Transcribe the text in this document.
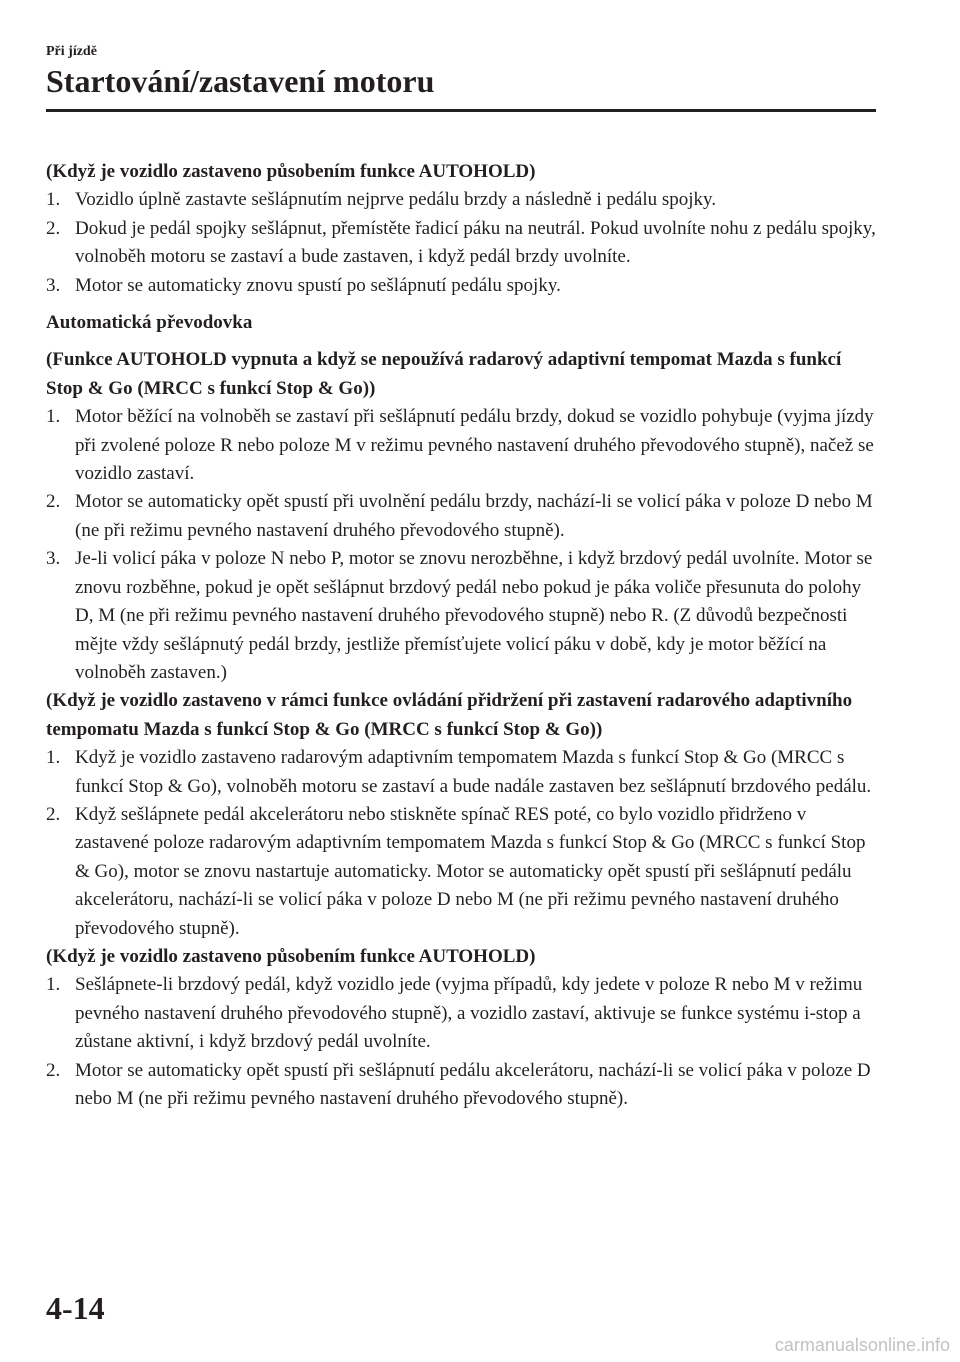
Při jízdě
Startování/zastavení motoru
(Když je vozidlo zastaveno působením funkce AUTOHOLD)
1. Vozidlo úplně zastavte sešlápnutím nejprve pedálu brzdy a následně i pedálu spojky.
2. Dokud je pedál spojky sešlápnut, přemístěte řadicí páku na neutrál. Pokud uvolníte nohu z pedálu spojky, volnoběh motoru se zastaví a bude zastaven, i když pedál brzdy uvolníte.
3. Motor se automaticky znovu spustí po sešlápnutí pedálu spojky.
Automatická převodovka
(Funkce AUTOHOLD vypnuta a když se nepoužívá radarový adaptivní tempomat Mazda s funkcí Stop & Go (MRCC s funkcí Stop & Go))
1. Motor běžící na volnoběh se zastaví při sešlápnutí pedálu brzdy, dokud se vozidlo pohybuje (vyjma jízdy při zvolené poloze R nebo poloze M v režimu pevného nastavení druhého převodového stupně), načež se vozidlo zastaví.
2. Motor se automaticky opět spustí při uvolnění pedálu brzdy, nachází-li se volicí páka v poloze D nebo M (ne při režimu pevného nastavení druhého převodového stupně).
3. Je-li volicí páka v poloze N nebo P, motor se znovu nerozběhne, i když brzdový pedál uvolníte. Motor se znovu rozběhne, pokud je opět sešlápnut brzdový pedál nebo pokud je páka voliče přesunuta do polohy D, M (ne při režimu pevného nastavení druhého převodového stupně) nebo R. (Z důvodů bezpečnosti mějte vždy sešlápnutý pedál brzdy, jestliže přemísťujete volicí páku v době, kdy je motor běžící na volnoběh zastaven.)
(Když je vozidlo zastaveno v rámci funkce ovládání přidržení při zastavení radarového adaptivního tempomatu Mazda s funkcí Stop & Go (MRCC s funkcí Stop & Go))
1. Když je vozidlo zastaveno radarovým adaptivním tempomatem Mazda s funkcí Stop & Go (MRCC s funkcí Stop & Go), volnoběh motoru se zastaví a bude nadále zastaven bez sešlápnutí brzdového pedálu.
2. Když sešlápnete pedál akcelerátoru nebo stiskněte spínač RES poté, co bylo vozidlo přidrženo v zastavené poloze radarovým adaptivním tempomatem Mazda s funkcí Stop & Go (MRCC s funkcí Stop & Go), motor se znovu nastartuje automaticky. Motor se automaticky opět spustí při sešlápnutí pedálu akcelerátoru, nachází-li se volicí páka v poloze D nebo M (ne při režimu pevného nastavení druhého převodového stupně).
(Když je vozidlo zastaveno působením funkce AUTOHOLD)
1. Sešlápnete-li brzdový pedál, když vozidlo jede (vyjma případů, kdy jedete v poloze R nebo M v režimu pevného nastavení druhého převodového stupně), a vozidlo zastaví, aktivuje se funkce systému i-stop a zůstane aktivní, i když brzdový pedál uvolníte.
2. Motor se automaticky opět spustí při sešlápnutí pedálu akcelerátoru, nachází-li se volicí páka v poloze D nebo M (ne při režimu pevného nastavení druhého převodového stupně).
4-14
carmanualsonline.info
